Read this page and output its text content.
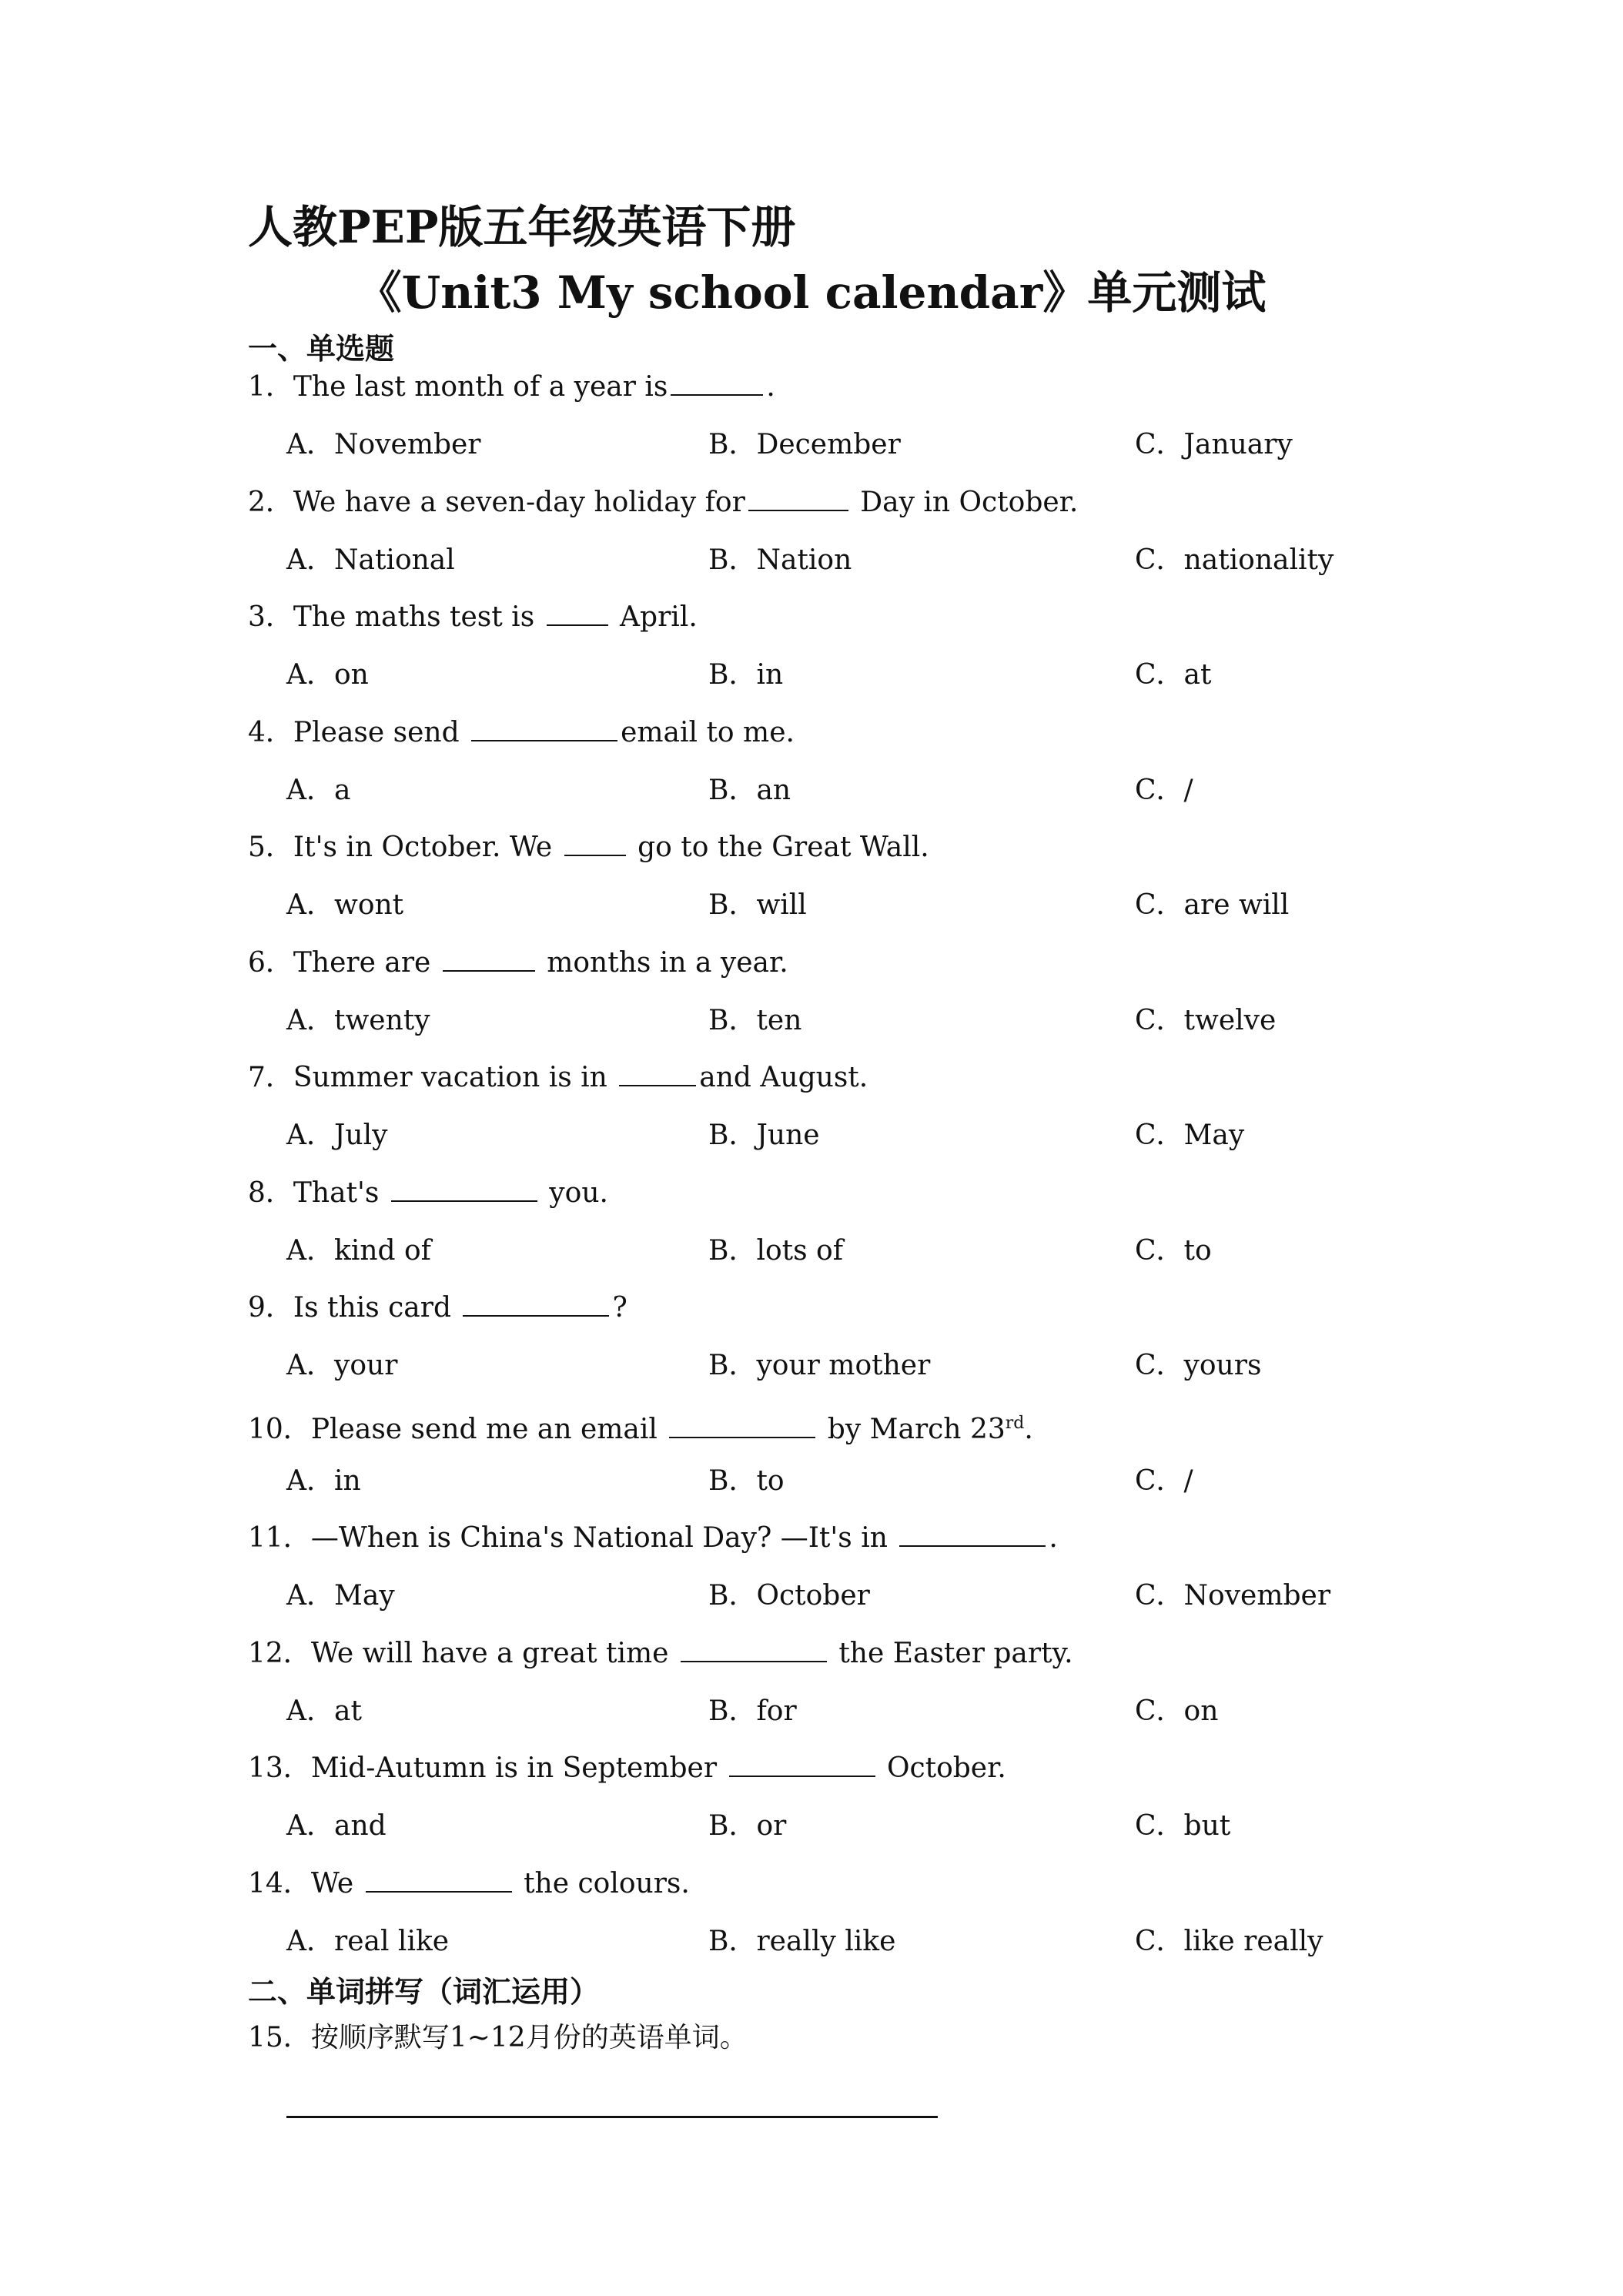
人教PEP版五年级英语下册
《Unit3 My school calendar》单元测试
一、单选题
1．The last month of a year is	.
A．November	B．December	C．January
2．We have a seven-day holiday for	Day in October.
A．National	B．Nation	C．nationality
3．The maths test is  April.
A．on	B．in	C．at
4．Please send	email to me.
A．a	B．an	C．/
5．It's in October. We  go to the Great Wall.
A．wont	B．will	C．are will
6．There are	months in a year.
A．twenty	B．ten	C．twelve
7．Summer vacation is in	and August.
A．July	B．June	C．May
8．That's	you.
A．kind of	B．lots of	C．to
9．Is this card	?
A．your	B．your mother	C．yours
10．Please send me an email	by March 23rd.
A．in	B．to	C．/
11．—When is China's National Day? —It's in	.
A．May	B．October	C．November
12．We will have a great time	the Easter party.
A．at	B．for	C．on
13．Mid-Autumn is in September	October.
A．and	B．or	C．but
14．We	the colours.
A．real like	B．really like	C．like really
二、单词拼写（词汇运用）
15．按顺序默写1~12月份的英语单词。
